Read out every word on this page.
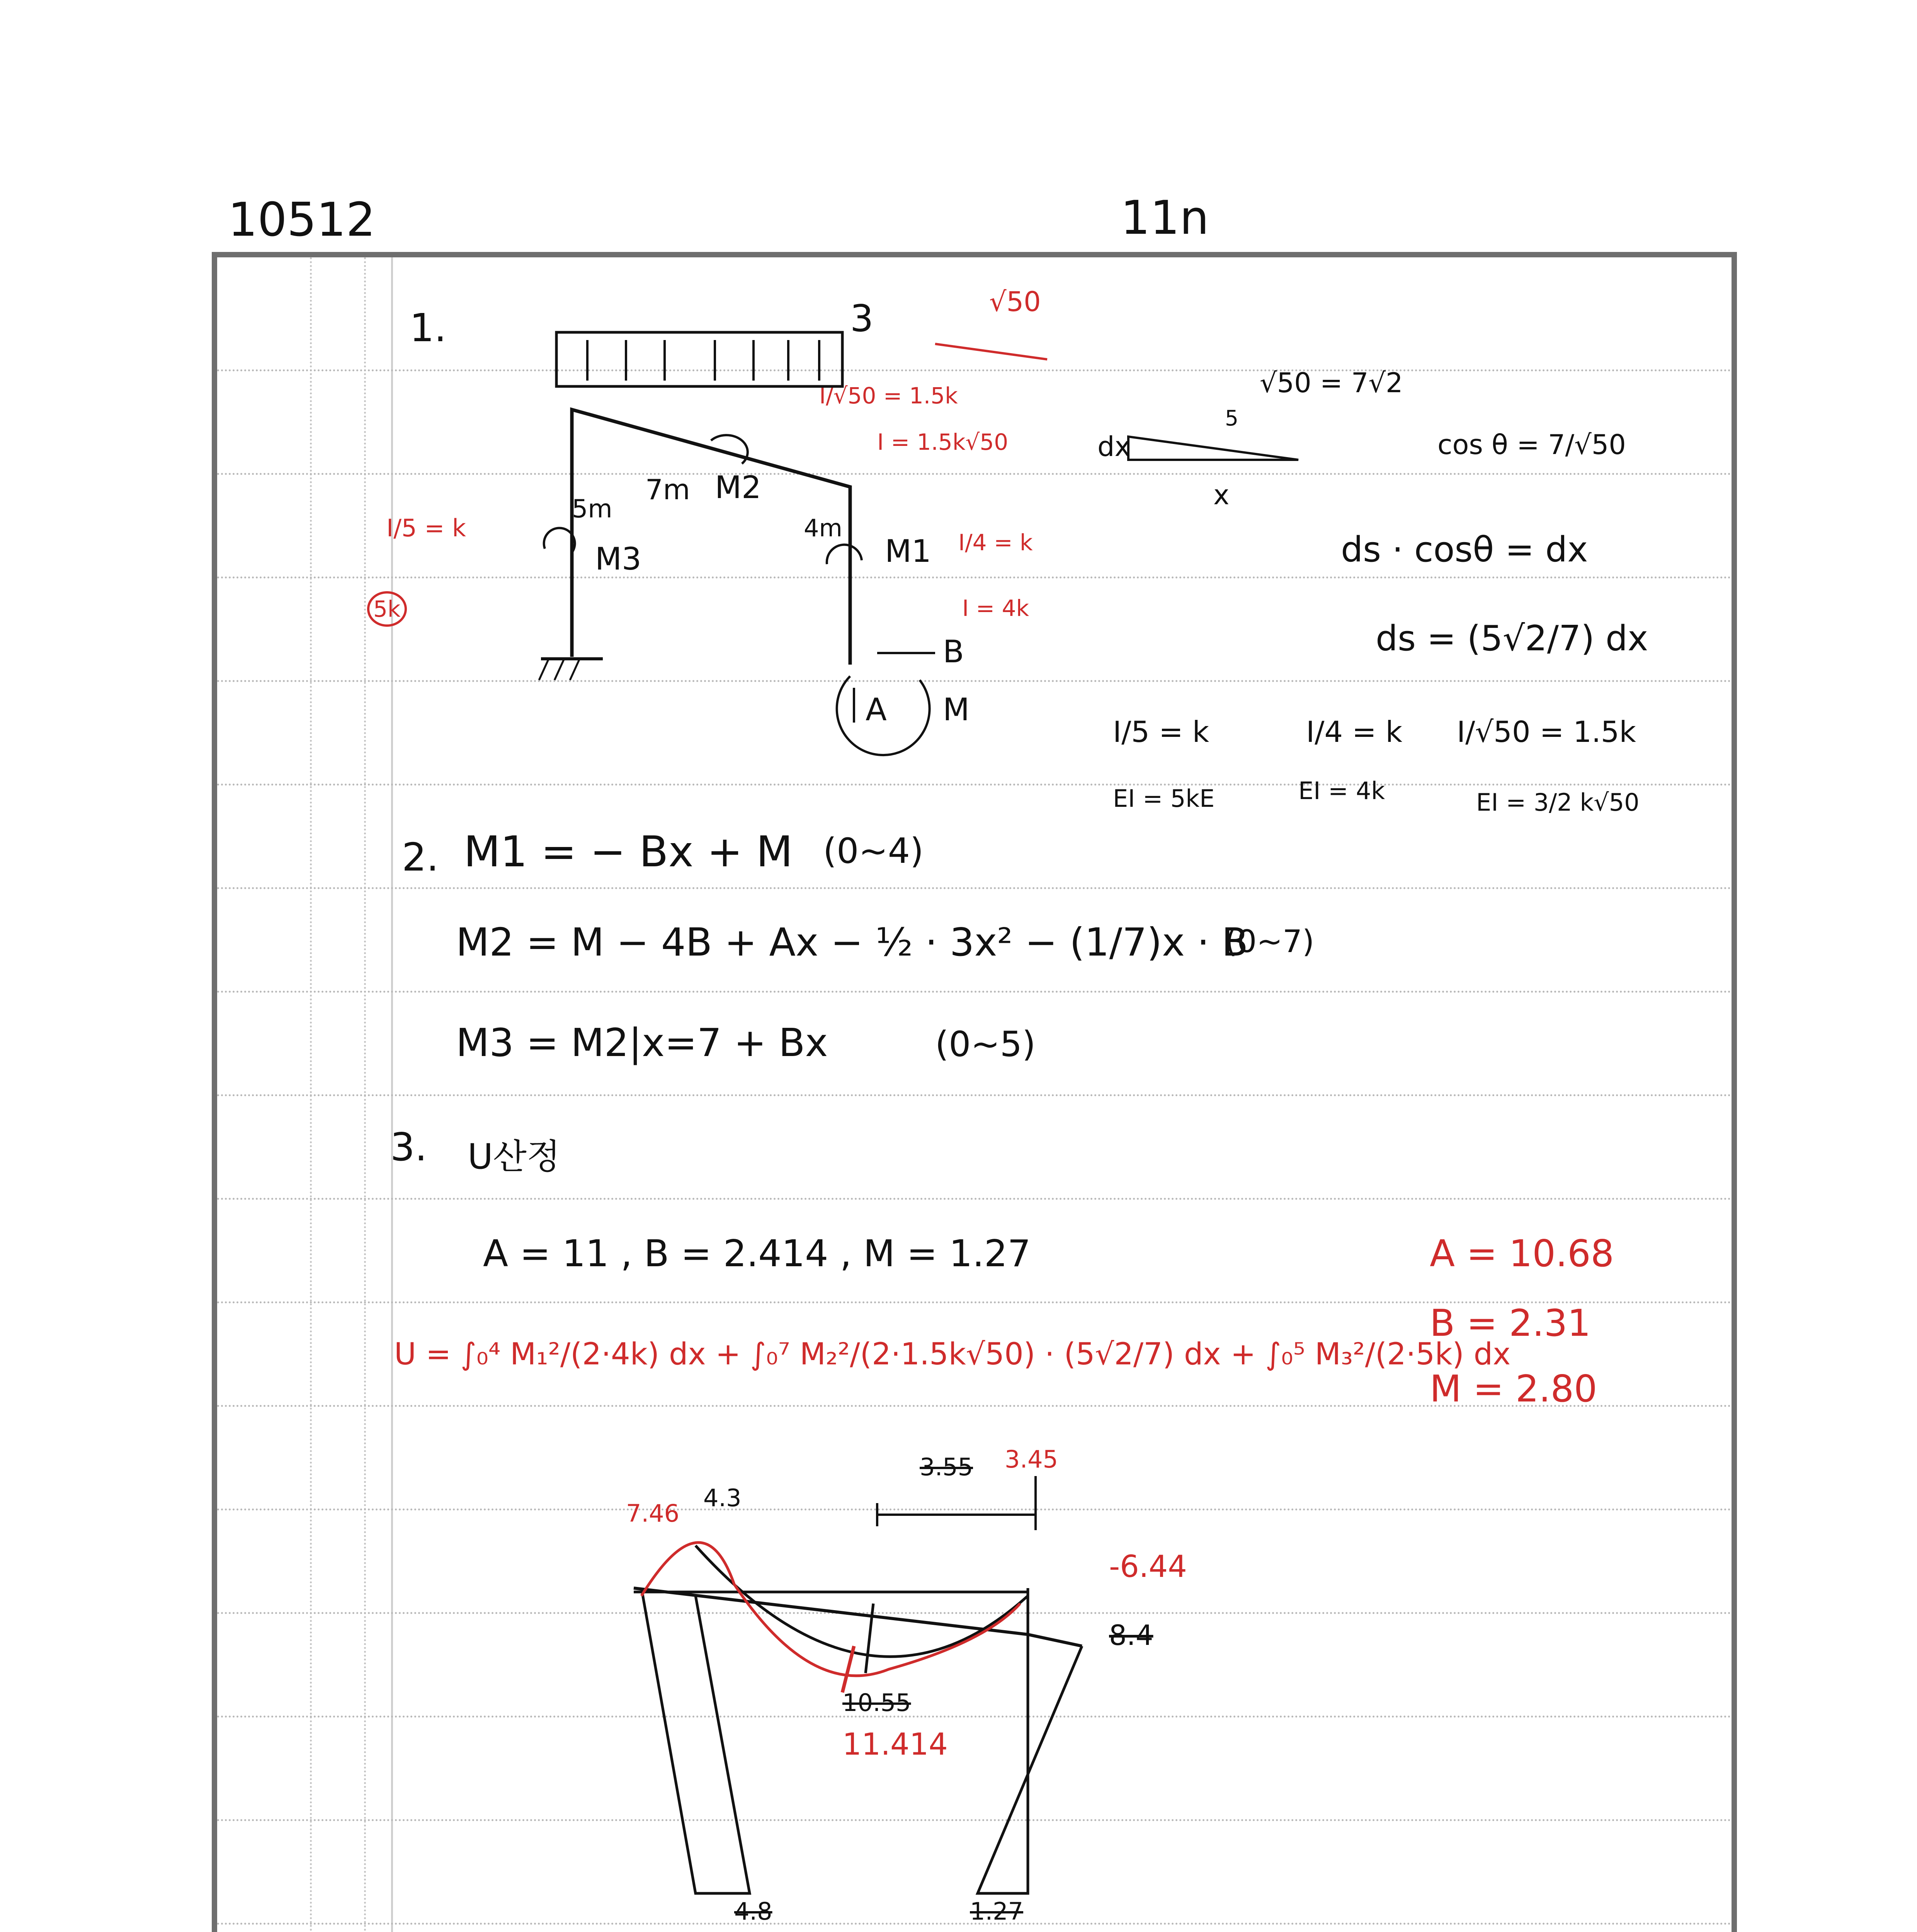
10512	11n
1.	3	√50
√50 = 7√2
I/√50 = 1.5k
I = 1.5k√50
7m M2
5m
M3
4m
M1 I/4 = k
I = 4k
I/5 = k
5k
B
A M
5
dx
x
cos θ = 7/√50
ds · cosθ = dx
ds = (5√2/7) dx
I/5 = k	I/4 = k I/√50 = 1.5k
EI = 5kE	EI = 4k	EI = 3/2 k√50
2. M1 = − Bx + M (0~4)
M2 = M − 4B + Ax − ½ · 3x² − (1/7)x · B
(0~7)
M3 = M2|x=7 + Bx	(0~5)
3. U산정
A = 11 , B = 2.414 , M = 1.27	A = 10.68
B = 2.31
M = 2.80
U = ∫₀⁴ M₁²/(2·4k) dx + ∫₀⁷ M₂²/(2·1.5k√50) · (5√2/7) dx + ∫₀⁵ M₃²/(2·5k) dx
7.46
4.3
3.55 3.45
-6.44
8.4
10.55
11.414
4.8	1.27
